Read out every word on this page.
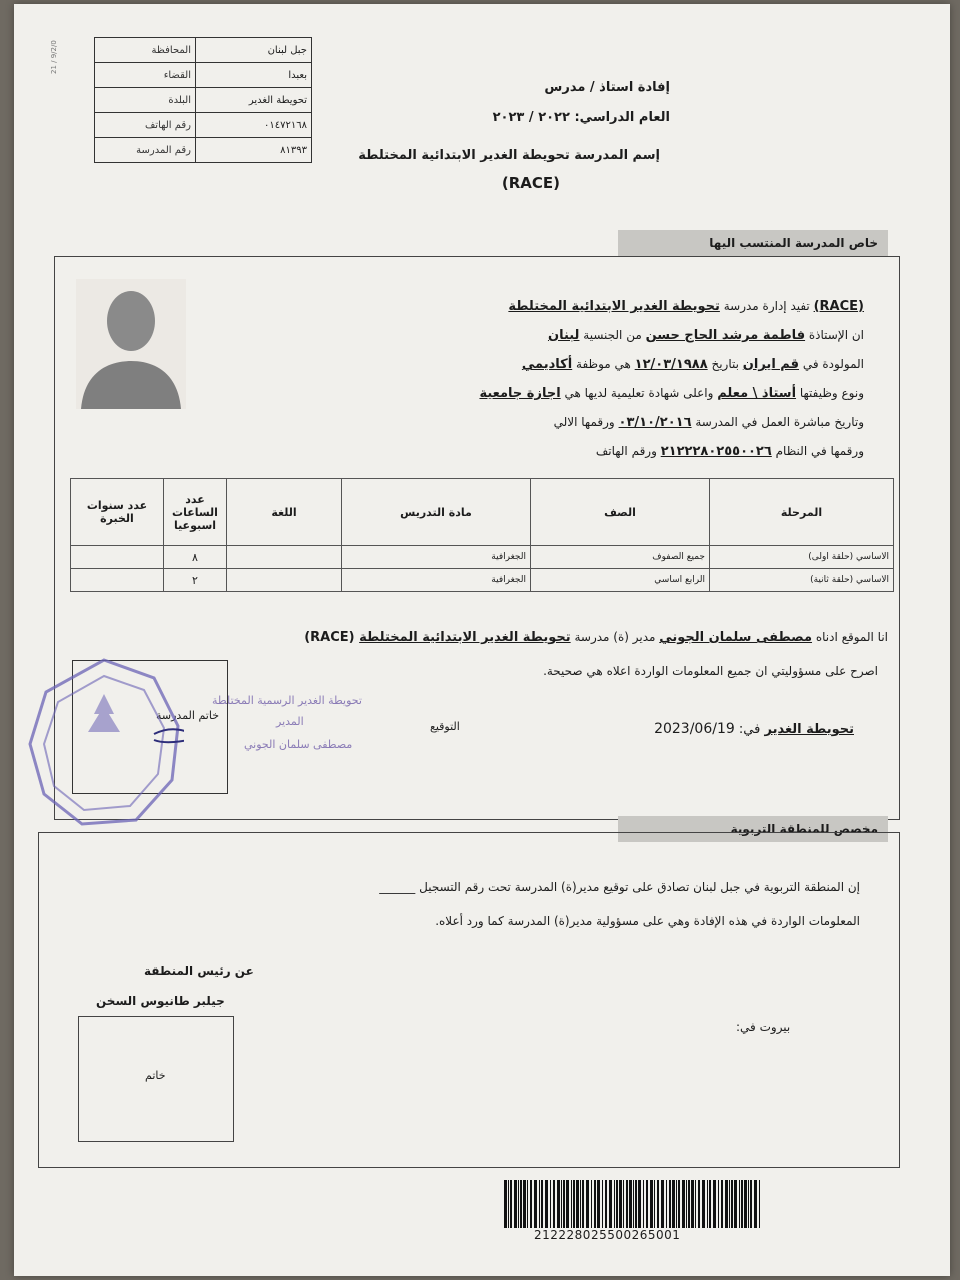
المحافظة	جبل لبنان
القضاء	بعبدا
البلدة	تحويطة الغدير
رقم الهاتف	٠١٤٧٢١٦٨
رقم المدرسة	٨١٣٩٣
21 / 9/2/0
إفادة استاذ / مدرس
العام الدراسي: ٢٠٢٢ / ٢٠٢٣
إسم المدرسة تحويطة الغدير الابتدائية المختلطة
(RACE)
خاص المدرسة المنتسب اليها
(RACE) تفيد إدارة مدرسة تحويطة الغدير الابتدائية المختلطة
ان الإستاذة فاطمة مرشد الحاج حسن من الجنسية لبنان
المولودة في قم ايران بتاريخ ١٢/٠٣/١٩٨٨ هي موظفة أكاديمي
ونوع وظيفتها أستاذ \ معلم واعلى شهادة تعليمية لديها هي اجازة جامعية
وتاريخ مباشرة العمل في المدرسة ٠٣/١٠/٢٠١٦ ورقمها الالي
ورقمها في النظام ٢١٢٢٢٨٠٢٥٥٠٠٢٦ ورقم الهاتف
عدد سنوات الخبرة	عدد الساعات اسبوعيا	اللغة	مادة التدريس	الصف	المرحلة
	٨		الجغرافية	جميع الصفوف	الاساسي (حلقة اولى)
	٢		الجغرافية	الرابع اساسي	الاساسي (حلقة ثانية)
انا الموقع ادناه مصطفى سلمان الجوني مدير (ة) مدرسة تحويطة الغدير الابتدائية المختلطة (RACE)
اصرح على مسؤوليتي ان جميع المعلومات الواردة اعلاه هي صحيحة.
تحويطة الغدير في: 2023/06/19
التوقيع
تحويطة الغدير الرسمية المختلطة
المدير
مصطفى سلمان الجوني
خاتم المدرسة
مخصص للمنطقة التربوية
إن المنطقة التربوية في جبل لبنان تصادق على توقيع مدير(ة) المدرسة تحت رقم التسجيل ______
المعلومات الواردة في هذه الإفادة وهي على مسؤولية مدير(ة) المدرسة كما ورد أعلاه.
عن رئيس المنطقة
جيلبر طانيوس السخن
بيروت في:
خاتم
212228025500265001
